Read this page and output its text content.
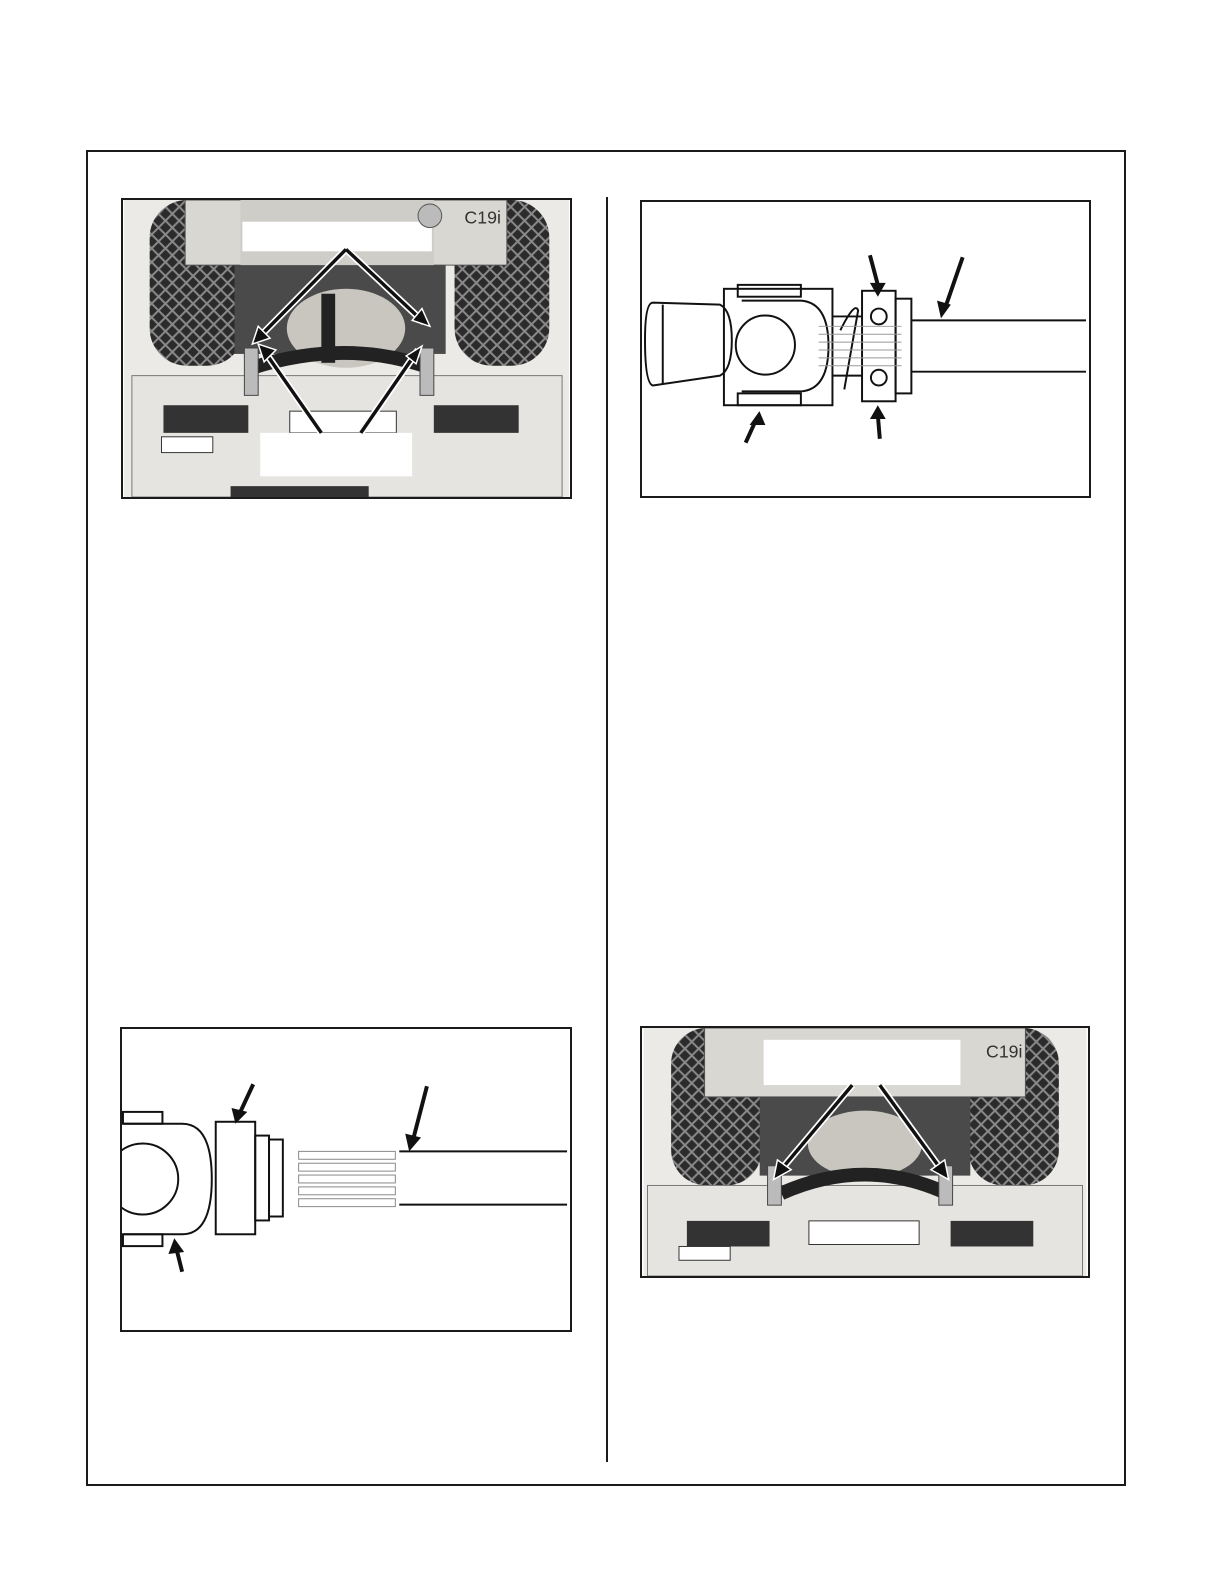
C19i
C19i
